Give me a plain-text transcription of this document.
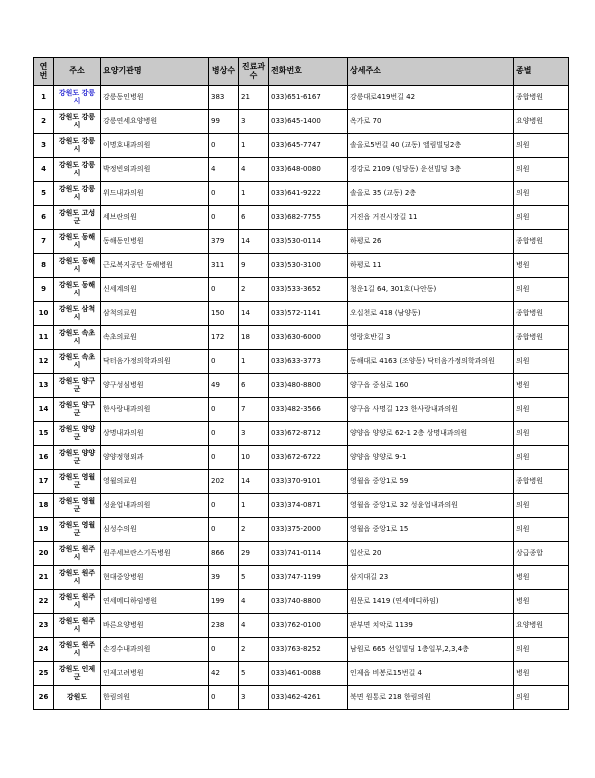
연번	주소	요양기관명	병상수	진료과수	전화번호	상세주소	종별
1	강원도 강릉시	강릉동인병원	383	21	033)651-6167	강릉대로419번길 42	종합병원
2	강원도 강릉시	강릉연세요양병원	99	3	033)645-1400	옥가로 70	요양병원
3	강원도 강릉시	이명호내과의원	0	1	033)645-7747	솔올로5번길 40 (교동) 엘림빌딩2층	의원
4	강원도 강릉시	박정빈외과의원	4	4	033)648-0080	경강로 2109 (임당동) 운선빌딩 3층	의원
5	강원도 강릉시	위드내과의원	0	1	033)641-9222	솔올로 35 (교동) 2층	의원
6	강원도 고성군	세브란의원	0	6	033)682-7755	거진읍 거진시장길 11	의원
7	강원도 동해시	동해동인병원	379	14	033)530-0114	하평로 26	종합병원
8	강원도 동해시	근로복지공단 동해병원	311	9	033)530-3100	하평로 11	병원
9	강원도 동해시	신세계의원	0	2	033)533-3652	청운1길 64, 301호(나안동)	의원
10	강원도 삼척시	삼척의료원	150	14	033)572-1141	오십천로 418 (남양동)	종합병원
11	강원도 속초시	속초의료원	172	18	033)630-6000	영랑호반길 3	종합병원
12	강원도 속초시	닥터음가정의학과의원	0	1	033)633-3773	동해대로 4163 (조양동) 닥터음가정의학과의원	의원
13	강원도 양구군	양구성심병원	49	6	033)480-8800	양구읍 중심로 160	병원
14	강원도 양구군	한사랑내과의원	0	7	033)482-3566	양구읍 사명길 123 한사랑내과의원	의원
15	강원도 양양군	상명내과의원	0	3	033)672-8712	양양읍 양양로 62-1 2층 상명내과의원	의원
16	강원도 양양군	양양정형외과	0	10	033)672-6722	양양읍 양양로 9-1	의원
17	강원도 영월군	영월의료원	202	14	033)370-9101	영월읍 중앙1로 59	종합병원
18	강원도 영월군	성윤업내과의원	0	1	033)374-0871	영월읍 중앙1로 32 성윤업내과의원	의원
19	강원도 영월군	심성수의원	0	2	033)375-2000	영월읍 중앙1로 15	의원
20	강원도 원주시	원주세브란스기독병원	866	29	033)741-0114	일산로 20	상급종합
21	강원도 원주시	현대중앙병원	39	5	033)747-1199	삼지대길 23	병원
22	강원도 원주시	연세메디하임병원	199	4	033)740-8800	원문로 1419 (연세메디하임)	병원
23	강원도 원주시	바른요양병원	238	4	033)762-0100	판부면 치악로 1139	요양병원
24	강원도 원주시	손경수내과의원	0	2	033)763-8252	남원로 665 선일빌딩 1층일부,2,3,4층	의원
25	강원도 인제군	인제고려병원	42	5	033)461-0088	인제읍 비봉로15번길 4	병원
26	강원도	한림의원	0	3	033)462-4261	북면 원통로 218 한림의원	의원
